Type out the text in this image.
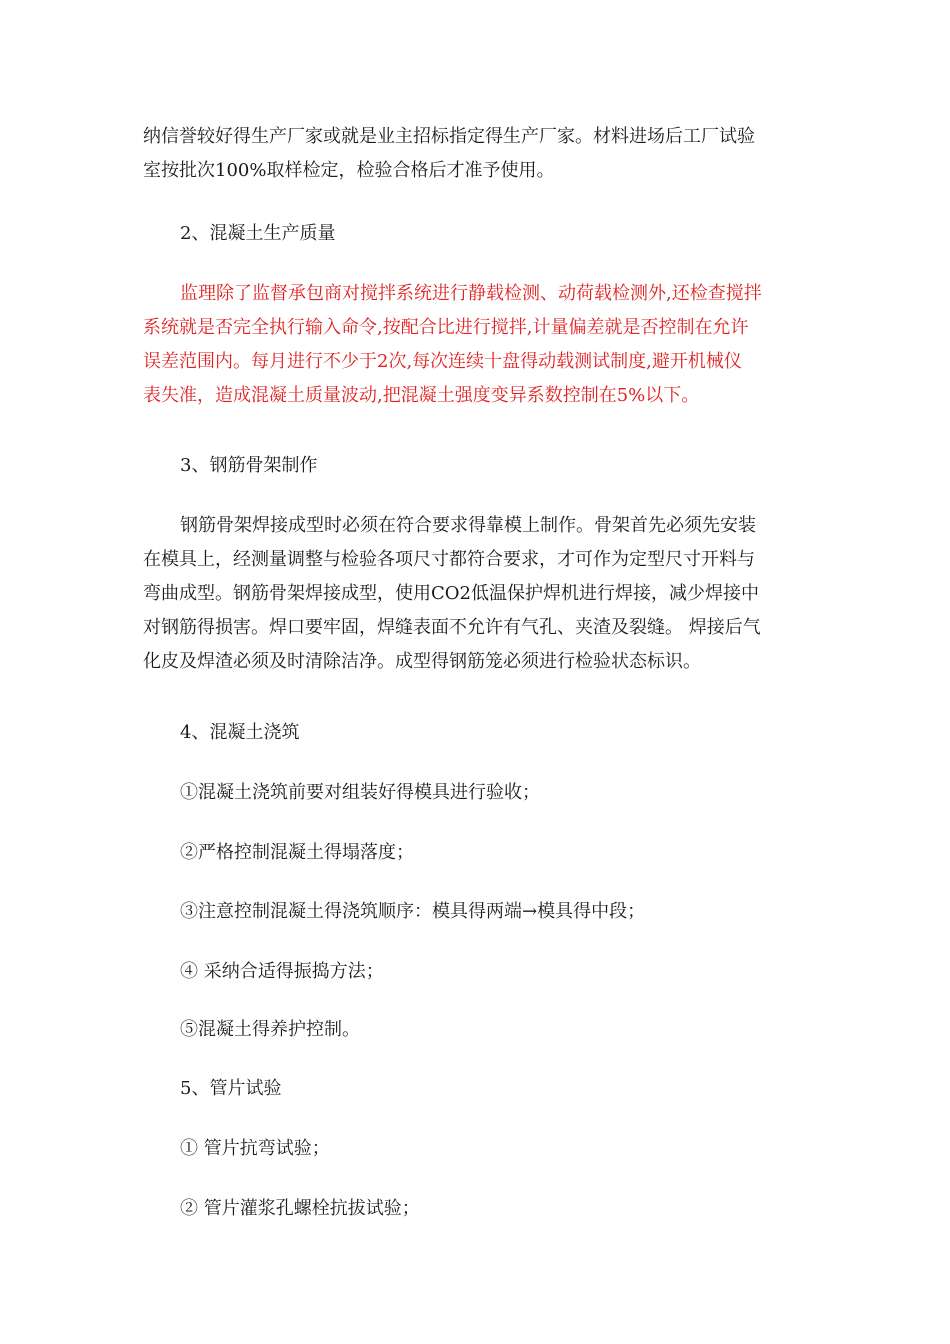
纳信誉较好得生产厂家或就是业主招标指定得生产厂家。材料进场后工厂试验
室按批次100%取样检定，检验合格后才准予使用。

2、混凝土生产质量

监理除了监督承包商对搅拌系统进行静载检测、动荷载检测外,还检查搅拌
系统就是否完全执行输入命令,按配合比进行搅拌,计量偏差就是否控制在允许
误差范围内。每月进行不少于2次,每次连续十盘得动载测试制度,避开机械仪
表失准，造成混凝土质量波动,把混凝土强度变异系数控制在5%以下。

3、钢筋骨架制作

钢筋骨架焊接成型时必须在符合要求得靠模上制作。骨架首先必须先安装
在模具上，经测量调整与检验各项尺寸都符合要求，才可作为定型尺寸开料与
弯曲成型。钢筋骨架焊接成型，使用CO2低温保护焊机进行焊接，减少焊接中
对钢筋得损害。焊口要牢固，焊缝表面不允许有气孔、夹渣及裂缝。 焊接后气
化皮及焊渣必须及时清除洁净。成型得钢筋笼必须进行检验状态标识。

4、混凝土浇筑

①混凝土浇筑前要对组装好得模具进行验收；

②严格控制混凝土得塌落度；

③注意控制混凝土得浇筑顺序：模具得两端→模具得中段；

④ 采纳合适得振捣方法；

⑤混凝土得养护控制。

5、管片试验

① 管片抗弯试验；

② 管片灌浆孔螺栓抗拔试验；
